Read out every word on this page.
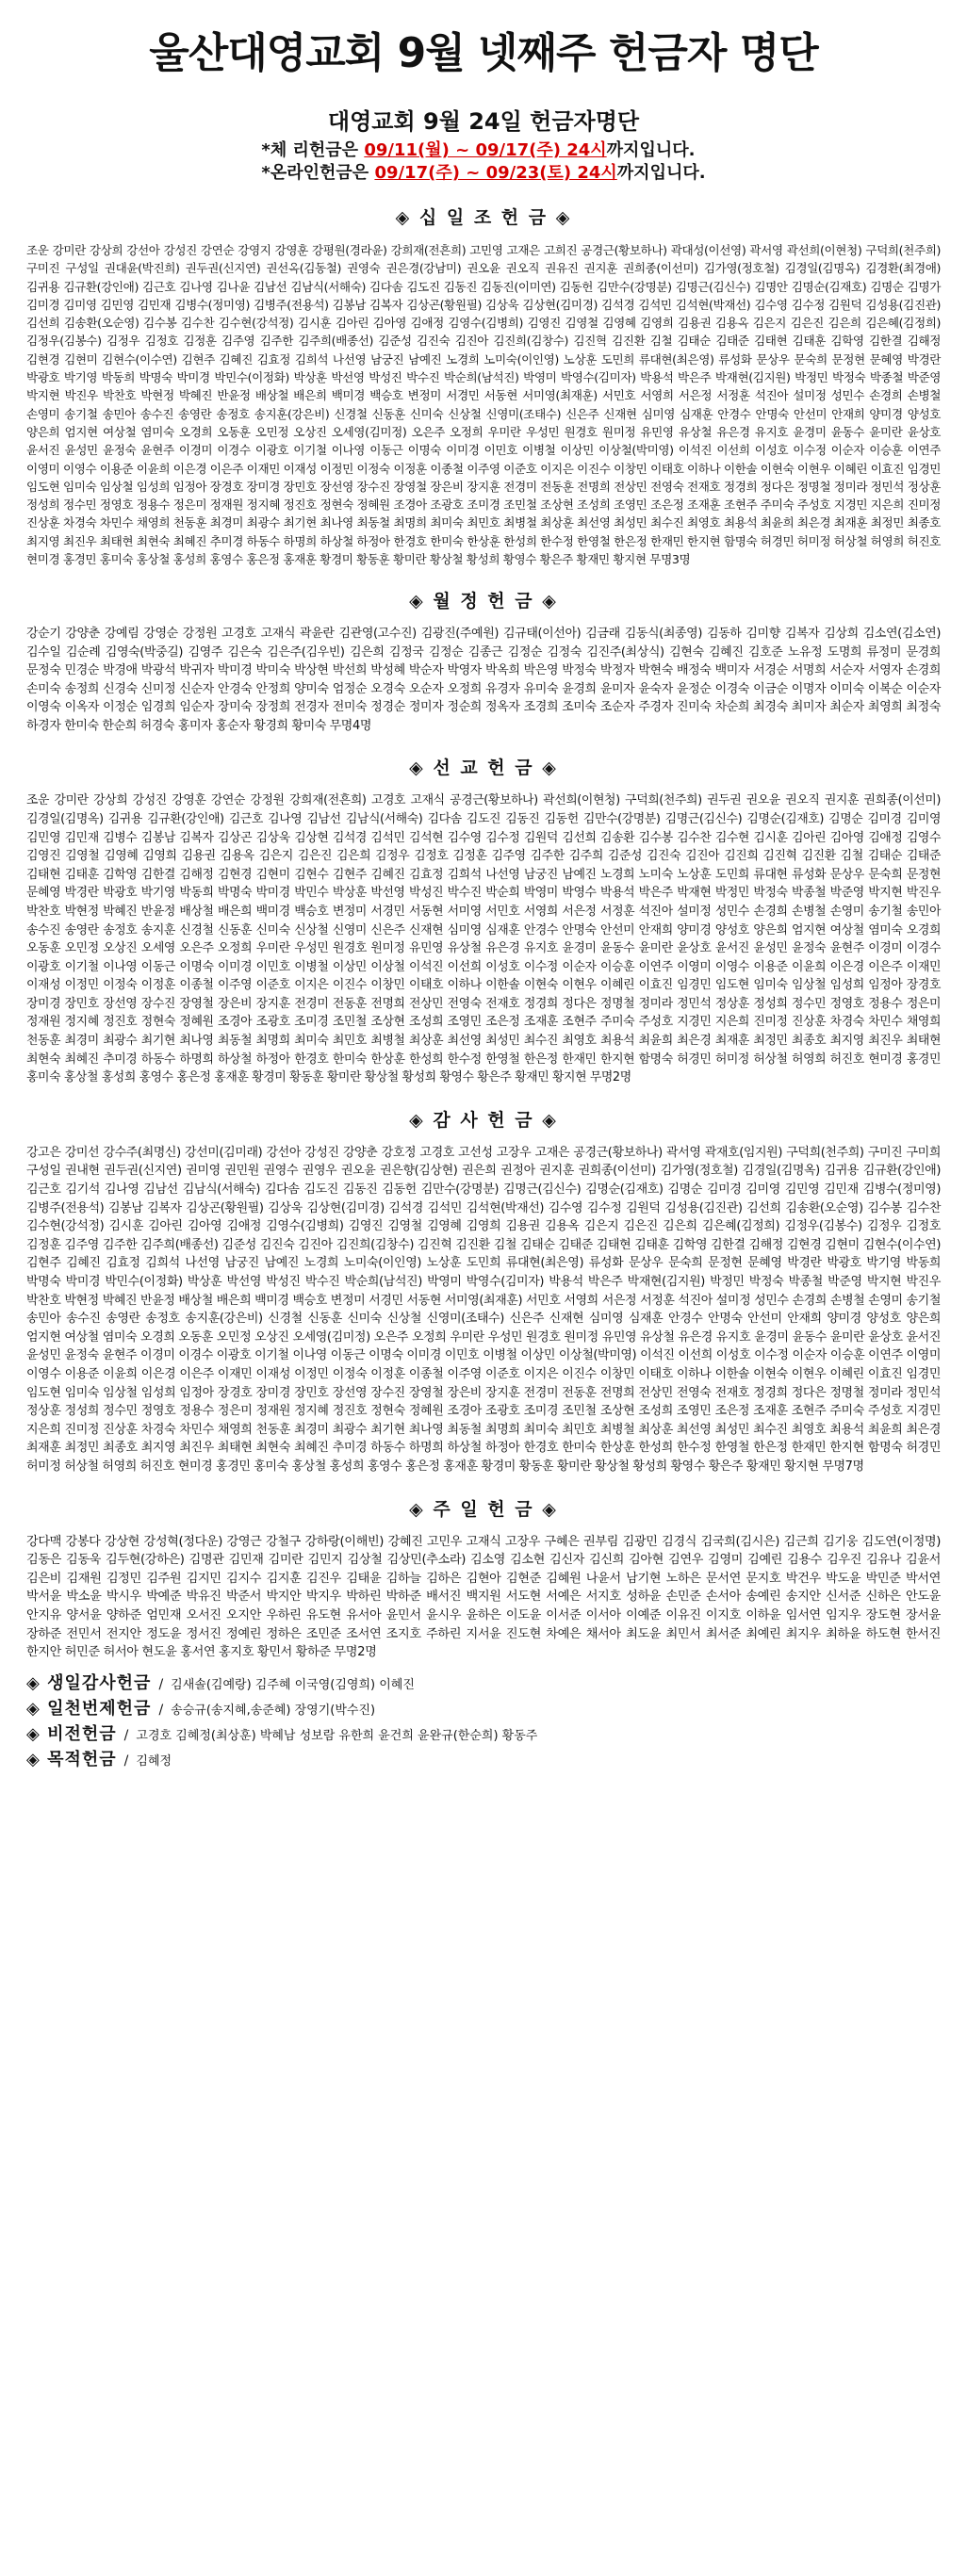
울산대영교회 9월 넷째주 헌금자 명단
대영교회 9월 24일 헌금자명단
*체 리헌금은 09/11(월) ~ 09/17(주) 24시까지입니다.
*온라인헌금은 09/17(주) ~ 09/23(토) 24시까지입니다.
◈ 십 일 조 헌 금 ◈
조운 강미란 강상희 강선아 강성진 강연순 강영지 강영훈 강평원(경라윤) 강희재(전흔희) 고민영 고재은 고희진 공경근(황보하나) 곽대성(이선영) 곽서영 곽선희(이현청) 구덕희(천주희) 구미진 구성일 권대윤(박진희) 권두권(신지연) 권선옥(김동철) 권영숙 권은경(강남미) 권오윤 권오직 권유진 권지훈 권희종(이선미) 김가영(정호철) 김경일(김명옥) 김경환(최경애) 김귀용 김규환(강인애) 김근호 김나영 김나윤 김남선 김남식(서해숙) 김다솜 김도진 김동진 김동진(이미연) 김동헌 김만수(강명분) 김명근(김신수) 김명안 김명순(김재호) 김명순 김명가 김미경 김미영 김민영 김민재 김병수(정미영) 김병주(전용석) 김봉남 김복자 김상곤(황원필) 김상욱 김상현(김미경) 김석경 김석민 김석현(박재선) 김수영 김수정 김원덕 김성용(김진관) 김선희 김송환(오순영) 김수봉 김수찬 김수현(강석정) 김시훈 김아린 김아영 김애정 김영수(김병희) 김영진 김영철 김영혜 김영희 김용권 김용옥 김은지 김은진 김은희 김은혜(김정희) 김정우(김봉수) 김정우 김정호 김정훈 김주영 김주한 김주희(배종선) 김준성 김진숙 김진아 김진희(김창수) 김진혁 김진환 김철 김태순 김태준 김태현 김태훈 김학영 김한결 김해정 김현경 김현미 김현수(이수연) 김현주 김혜진 김효정 김희석 나선영 남궁진 남예진 노경희 노미숙(이인영) 노상훈 도민희 류대현(최은영) 류성화 문상우 문숙희 문정현 문혜영 박경란 박광호 박기영 박동희 박명숙 박미경 박민수(이정화) 박상훈 박선영 박성진 박수진 박순희(남석진) 박영미 박영수(김미자) 박용석 박은주 박재현(김지원) 박정민 박정숙 박종철 박준영 박지현 박진우 박찬호 박현정 박혜진 반윤정 배상철 배은희 백미경 백승호 변정미 서경민 서동현 서미영(최재훈) 서민호 서영희 서은정 서정훈 석진아 설미정 성민수 손경희 손병철 손영미 송기철 송민아 송수진 송영란 송정호 송지훈(강은비) 신경철 신동훈 신미숙 신상철 신영미(조태수) 신은주 신재현 심미영 심재훈 안경수 안명숙 안선미 안재희 양미경 양성호 양은희 엄지현 여상철 염미숙 오경희 오동훈 오민정 오상진 오세영(김미정) 오은주 오정희 우미란 우성민 원경호 원미정 유민영 유상철 유은경 유지호 윤경미 윤동수 윤미란 윤상호 윤서진 윤성민 윤정숙 윤현주 이경미 이경수 이광호 이기철 이나영 이동근 이명숙 이미경 이민호 이병철 이상민 이상철(박미영) 이석진 이선희 이성호 이수정 이순자 이승훈 이연주 이영미 이영수 이용준 이윤희 이은경 이은주 이재민 이재성 이정민 이정숙 이정훈 이종철 이주영 이준호 이지은 이진수 이창민 이태호 이하나 이한솔 이현숙 이현우 이혜린 이효진 임경민 임도현 임미숙 임상철 임성희 임정아 장경호 장미경 장민호 장선영 장수진 장영철 장은비 장지훈 전경미 전동훈 전명희 전상민 전영숙 전재호 정경희 정다은 정명철 정미라 정민석 정상훈 정성희 정수민 정영호 정용수 정은미 정재원 정지혜 정진호 정현숙 정혜원 조경아 조광호 조미경 조민철 조상현 조성희 조영민 조은정 조재훈 조현주 주미숙 주성호 지경민 지은희 진미정 진상훈 차경숙 차민수 채영희 천동훈 최경미 최광수 최기현 최나영 최동철 최명희 최미숙 최민호 최병철 최상훈 최선영 최성민 최수진 최영호 최용석 최윤희 최은경 최재훈 최정민 최종호 최지영 최진우 최태현 최현숙 최혜진 추미경 하동수 하명희 하상철 하정아 한경호 한미숙 한상훈 한성희 한수정 한영철 한은정 한재민 한지현 함명숙 허경민 허미정 허상철 허영희 허진호 현미경 홍경민 홍미숙 홍상철 홍성희 홍영수 홍은정 홍재훈 황경미 황동훈 황미란 황상철 황성희 황영수 황은주 황재민 황지현 무명3명
◈ 월 정 헌 금 ◈
강순기 강양춘 강예림 강영순 강정원 고경호 고재식 곽윤란 김관영(고수진) 김광진(주예원) 김규태(이선아) 김금래 김동식(최종영) 김동하 김미향 김복자 김상희 김소연(김소연) 김수일 김순례 김영숙(박중길) 김영주 김은숙 김은주(김우빈) 김은희 김정국 김정순 김종근 김정순 김정숙 김진주(최상식) 김현숙 김혜진 김호준 노유정 도명희 류정미 문경희 문정숙 민경순 박경애 박광석 박귀자 박미경 박미숙 박상현 박선희 박성혜 박순자 박영자 박옥희 박은영 박정숙 박정자 박현숙 배정숙 백미자 서경순 서명희 서순자 서영자 손경희 손미숙 송정희 신경숙 신미정 신순자 안경숙 안정희 양미숙 엄정순 오경숙 오순자 오정희 유경자 유미숙 윤경희 윤미자 윤숙자 윤정순 이경숙 이금순 이명자 이미숙 이복순 이순자 이영숙 이옥자 이정순 임경희 임순자 장미숙 장정희 전경자 전미숙 정경순 정미자 정순희 정옥자 조경희 조미숙 조순자 주경자 진미숙 차순희 최경숙 최미자 최순자 최영희 최정숙 하경자 한미숙 한순희 허경숙 홍미자 홍순자 황경희 황미숙 무명4명
◈ 선 교 헌 금 ◈
조운 강미란 강상희 강성진 강영훈 강연순 강정원 강희재(전흔희) 고경호 고재식 공경근(황보하나) 곽선희(이현청) 구덕희(천주희) 권두권 권오윤 권오직 권지훈 권희종(이선미) 김경일(김명옥) 김귀용 김규환(강인애) 김근호 김나영 김남선 김남식(서해숙) 김다솜 김도진 김동진 김동헌 김만수(강명분) 김명근(김신수) 김명순(김재호) 김명순 김미경 김미영 김민영 김민재 김병수 김봉남 김복자 김상곤 김상욱 김상현 김석경 김석민 김석현 김수영 김수정 김원덕 김선희 김송환 김수봉 김수찬 김수현 김시훈 김아린 김아영 김애정 김영수 김영진 김영철 김영혜 김영희 김용권 김용옥 김은지 김은진 김은희 김정우 김정호 김정훈 김주영 김주한 김주희 김준성 김진숙 김진아 김진희 김진혁 김진환 김철 김태순 김태준 김태현 김태훈 김학영 김한결 김해정 김현경 김현미 김현수 김현주 김혜진 김효정 김희석 나선영 남궁진 남예진 노경희 노미숙 노상훈 도민희 류대현 류성화 문상우 문숙희 문정현 문혜영 박경란 박광호 박기영 박동희 박명숙 박미경 박민수 박상훈 박선영 박성진 박수진 박순희 박영미 박영수 박용석 박은주 박재현 박정민 박정숙 박종철 박준영 박지현 박진우 박찬호 박현정 박혜진 반윤정 배상철 배은희 백미경 백승호 변정미 서경민 서동현 서미영 서민호 서영희 서은정 서정훈 석진아 설미정 성민수 손경희 손병철 손영미 송기철 송민아 송수진 송영란 송정호 송지훈 신경철 신동훈 신미숙 신상철 신영미 신은주 신재현 심미영 심재훈 안경수 안명숙 안선미 안재희 양미경 양성호 양은희 엄지현 여상철 염미숙 오경희 오동훈 오민정 오상진 오세영 오은주 오정희 우미란 우성민 원경호 원미정 유민영 유상철 유은경 유지호 윤경미 윤동수 윤미란 윤상호 윤서진 윤성민 윤정숙 윤현주 이경미 이경수 이광호 이기철 이나영 이동근 이명숙 이미경 이민호 이병철 이상민 이상철 이석진 이선희 이성호 이수정 이순자 이승훈 이연주 이영미 이영수 이용준 이윤희 이은경 이은주 이재민 이재성 이정민 이정숙 이정훈 이종철 이주영 이준호 이지은 이진수 이창민 이태호 이하나 이한솔 이현숙 이현우 이혜린 이효진 임경민 임도현 임미숙 임상철 임성희 임정아 장경호 장미경 장민호 장선영 장수진 장영철 장은비 장지훈 전경미 전동훈 전명희 전상민 전영숙 전재호 정경희 정다은 정명철 정미라 정민석 정상훈 정성희 정수민 정영호 정용수 정은미 정재원 정지혜 정진호 정현숙 정혜원 조경아 조광호 조미경 조민철 조상현 조성희 조영민 조은정 조재훈 조현주 주미숙 주성호 지경민 지은희 진미정 진상훈 차경숙 차민수 채영희 천동훈 최경미 최광수 최기현 최나영 최동철 최명희 최미숙 최민호 최병철 최상훈 최선영 최성민 최수진 최영호 최용석 최윤희 최은경 최재훈 최정민 최종호 최지영 최진우 최태현 최현숙 최혜진 추미경 하동수 하명희 하상철 하정아 한경호 한미숙 한상훈 한성희 한수정 한영철 한은정 한재민 한지현 함명숙 허경민 허미정 허상철 허영희 허진호 현미경 홍경민 홍미숙 홍상철 홍성희 홍영수 홍은정 홍재훈 황경미 황동훈 황미란 황상철 황성희 황영수 황은주 황재민 황지현 무명2명
◈ 감 사 헌 금 ◈
강고은 강미선 강수주(최명신) 강선미(김미래) 강선아 강성진 강양춘 강호정 고경호 고선성 고장우 고재은 공경근(황보하나) 곽서영 곽재호(임지원) 구덕희(천주희) 구미진 구미희 구성일 권내현 권두권(신지연) 권미영 권민원 권영수 권영우 권오윤 권은향(김상현) 권은희 권정아 권지훈 권희종(이선미) 김가영(정호철) 김경일(김명옥) 김귀용 김규환(강인애) 김근호 김기석 김나영 김남선 김남식(서해숙) 김다솜 김도진 김동진 김동헌 김만수(강명분) 김명근(김신수) 김명순(김재호) 김명순 김미경 김미영 김민영 김민재 김병수(정미영) 김병주(전용석) 김봉남 김복자 김상곤(황원필) 김상욱 김상현(김미경) 김석경 김석민 김석현(박재선) 김수영 김수정 김원덕 김성용(김진관) 김선희 김송환(오순영) 김수봉 김수찬 김수현(강석정) 김시훈 김아린 김아영 김애정 김영수(김병희) 김영진 김영철 김영혜 김영희 김용권 김용옥 김은지 김은진 김은희 김은혜(김정희) 김정우(김봉수) 김정우 김정호 김정훈 김주영 김주한 김주희(배종선) 김준성 김진숙 김진아 김진희(김창수) 김진혁 김진환 김철 김태순 김태준 김태현 김태훈 김학영 김한결 김해정 김현경 김현미 김현수(이수연) 김현주 김혜진 김효정 김희석 나선영 남궁진 남예진 노경희 노미숙(이인영) 노상훈 도민희 류대현(최은영) 류성화 문상우 문숙희 문정현 문혜영 박경란 박광호 박기영 박동희 박명숙 박미경 박민수(이정화) 박상훈 박선영 박성진 박수진 박순희(남석진) 박영미 박영수(김미자) 박용석 박은주 박재현(김지원) 박정민 박정숙 박종철 박준영 박지현 박진우 박찬호 박현정 박혜진 반윤정 배상철 배은희 백미경 백승호 변정미 서경민 서동현 서미영(최재훈) 서민호 서영희 서은정 서정훈 석진아 설미정 성민수 손경희 손병철 손영미 송기철 송민아 송수진 송영란 송정호 송지훈(강은비) 신경철 신동훈 신미숙 신상철 신영미(조태수) 신은주 신재현 심미영 심재훈 안경수 안명숙 안선미 안재희 양미경 양성호 양은희 엄지현 여상철 염미숙 오경희 오동훈 오민정 오상진 오세영(김미정) 오은주 오정희 우미란 우성민 원경호 원미정 유민영 유상철 유은경 유지호 윤경미 윤동수 윤미란 윤상호 윤서진 윤성민 윤정숙 윤현주 이경미 이경수 이광호 이기철 이나영 이동근 이명숙 이미경 이민호 이병철 이상민 이상철(박미영) 이석진 이선희 이성호 이수정 이순자 이승훈 이연주 이영미 이영수 이용준 이윤희 이은경 이은주 이재민 이재성 이정민 이정숙 이정훈 이종철 이주영 이준호 이지은 이진수 이창민 이태호 이하나 이한솔 이현숙 이현우 이혜린 이효진 임경민 임도현 임미숙 임상철 임성희 임정아 장경호 장미경 장민호 장선영 장수진 장영철 장은비 장지훈 전경미 전동훈 전명희 전상민 전영숙 전재호 정경희 정다은 정명철 정미라 정민석 정상훈 정성희 정수민 정영호 정용수 정은미 정재원 정지혜 정진호 정현숙 정혜원 조경아 조광호 조미경 조민철 조상현 조성희 조영민 조은정 조재훈 조현주 주미숙 주성호 지경민 지은희 진미정 진상훈 차경숙 차민수 채영희 천동훈 최경미 최광수 최기현 최나영 최동철 최명희 최미숙 최민호 최병철 최상훈 최선영 최성민 최수진 최영호 최용석 최윤희 최은경 최재훈 최정민 최종호 최지영 최진우 최태현 최현숙 최혜진 추미경 하동수 하명희 하상철 하정아 한경호 한미숙 한상훈 한성희 한수정 한영철 한은정 한재민 한지현 함명숙 허경민 허미정 허상철 허영희 허진호 현미경 홍경민 홍미숙 홍상철 홍성희 홍영수 홍은정 홍재훈 황경미 황동훈 황미란 황상철 황성희 황영수 황은주 황재민 황지현 무명7명
◈ 주 일 헌 금 ◈
강다맥 강봉다 강상현 강성혁(정다운) 강영근 강철구 강하랑(이해빈) 강혜진 고민우 고재식 고장우 구혜은 권부림 김광민 김경식 김국희(김시은) 김근희 김기웅 김도연(이정명) 김동은 김동욱 김두현(강하은) 김명관 김민재 김미란 김민지 김상철 김상민(추소라) 김소영 김소현 김신자 김신희 김아현 김연우 김영미 김예린 김용수 김우진 김유나 김윤서 김은비 김재원 김정민 김주원 김지민 김지수 김지훈 김진우 김태윤 김하늘 김하은 김현아 김현준 김혜원 나윤서 남기현 노하은 문서연 문지호 박건우 박도윤 박민준 박서연 박서윤 박소윤 박시우 박예준 박유진 박준서 박지안 박지우 박하린 박하준 배서진 백지원 서도현 서예은 서지호 성하윤 손민준 손서아 송예린 송지안 신서준 신하은 안도윤 안지유 양서윤 양하준 엄민재 오서진 오지안 우하린 유도현 유서아 윤민서 윤시우 윤하은 이도윤 이서준 이서아 이예준 이유진 이지호 이하윤 임서연 임지우 장도현 장서윤 장하준 전민서 전지안 정도윤 정서진 정예린 정하은 조민준 조서연 조지호 주하린 지서윤 진도현 차예은 채서아 최도윤 최민서 최서준 최예린 최지우 최하윤 하도현 한서진 한지안 허민준 허서아 현도윤 홍서연 홍지호 황민서 황하준 무명2명
◈ 생일감사헌금 / 김새솔(김예랑) 김주혜 이국영(김영희) 이혜진
◈ 일천번제헌금 / 송승규(송지혜,송준혜) 장영기(박수진)
◈ 비전헌금 / 고경호 김혜정(최상훈) 박혜남 성보람 유한희 윤건희 윤완규(한순희) 황동주
◈ 목적헌금 / 김혜정
